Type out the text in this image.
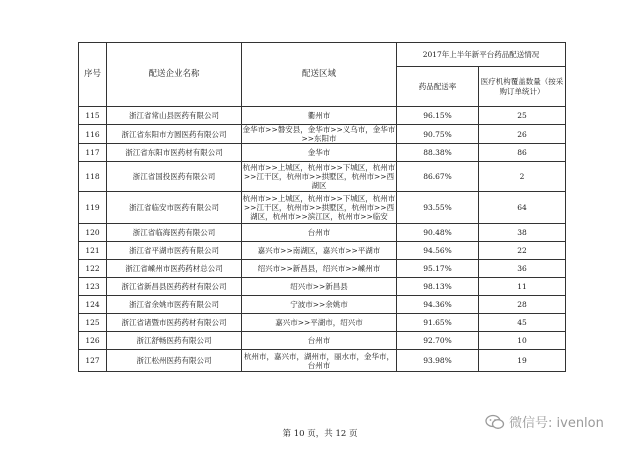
序号	配送企业名称	配送区域	2017年上半年新平台药品配送情况	
			药品配送率	医疗机构覆盖数量（按采购订单统计）
115	浙江省常山县医药有限公司	衢州市	96.15%	25
116	浙江省东阳市方圆医药有限公司	金华市>>磐安县，金华市>>义乌市，金华市>>东阳市	90.75%	26
117	浙江省东阳市医药材有限公司	金华市	88.38%	86
118	浙江省国投医药有限公司	杭州市>>上城区，杭州市>>下城区，杭州市>>江干区，杭州市>>拱墅区，杭州市>>西湖区	86.67%	2
119	浙江省临安市医药有限公司	杭州市>>上城区，杭州市>>下城区，杭州市>>江干区，杭州市>>拱墅区，杭州市>>西湖区，杭州市>>滨江区，杭州市>>临安	93.55%	64
120	浙江省临海医药有限公司	台州市	90.48%	38
121	浙江省平湖市医药有限公司	嘉兴市>>南湖区，嘉兴市>>平湖市	94.56%	22
122	浙江省嵊州市医药药材总公司	绍兴市>>新昌县，绍兴市>>嵊州市	95.17%	36
123	浙江省新昌县医药药材有限公司	绍兴市>>新昌县	98.13%	11
124	浙江省余姚市医药有限公司	宁波市>>余姚市	94.36%	28
125	浙江省诸暨市医药药材有限公司	嘉兴市>>平湖市，绍兴市	91.65%	45
126	浙江舒畅医药有限公司	台州市	92.70%	10
127	浙江松州医药有限公司	杭州市，嘉兴市，湖州市，丽水市，金华市，台州市	93.98%	19
第 10 页，共 12 页
微信号: ivenlon
